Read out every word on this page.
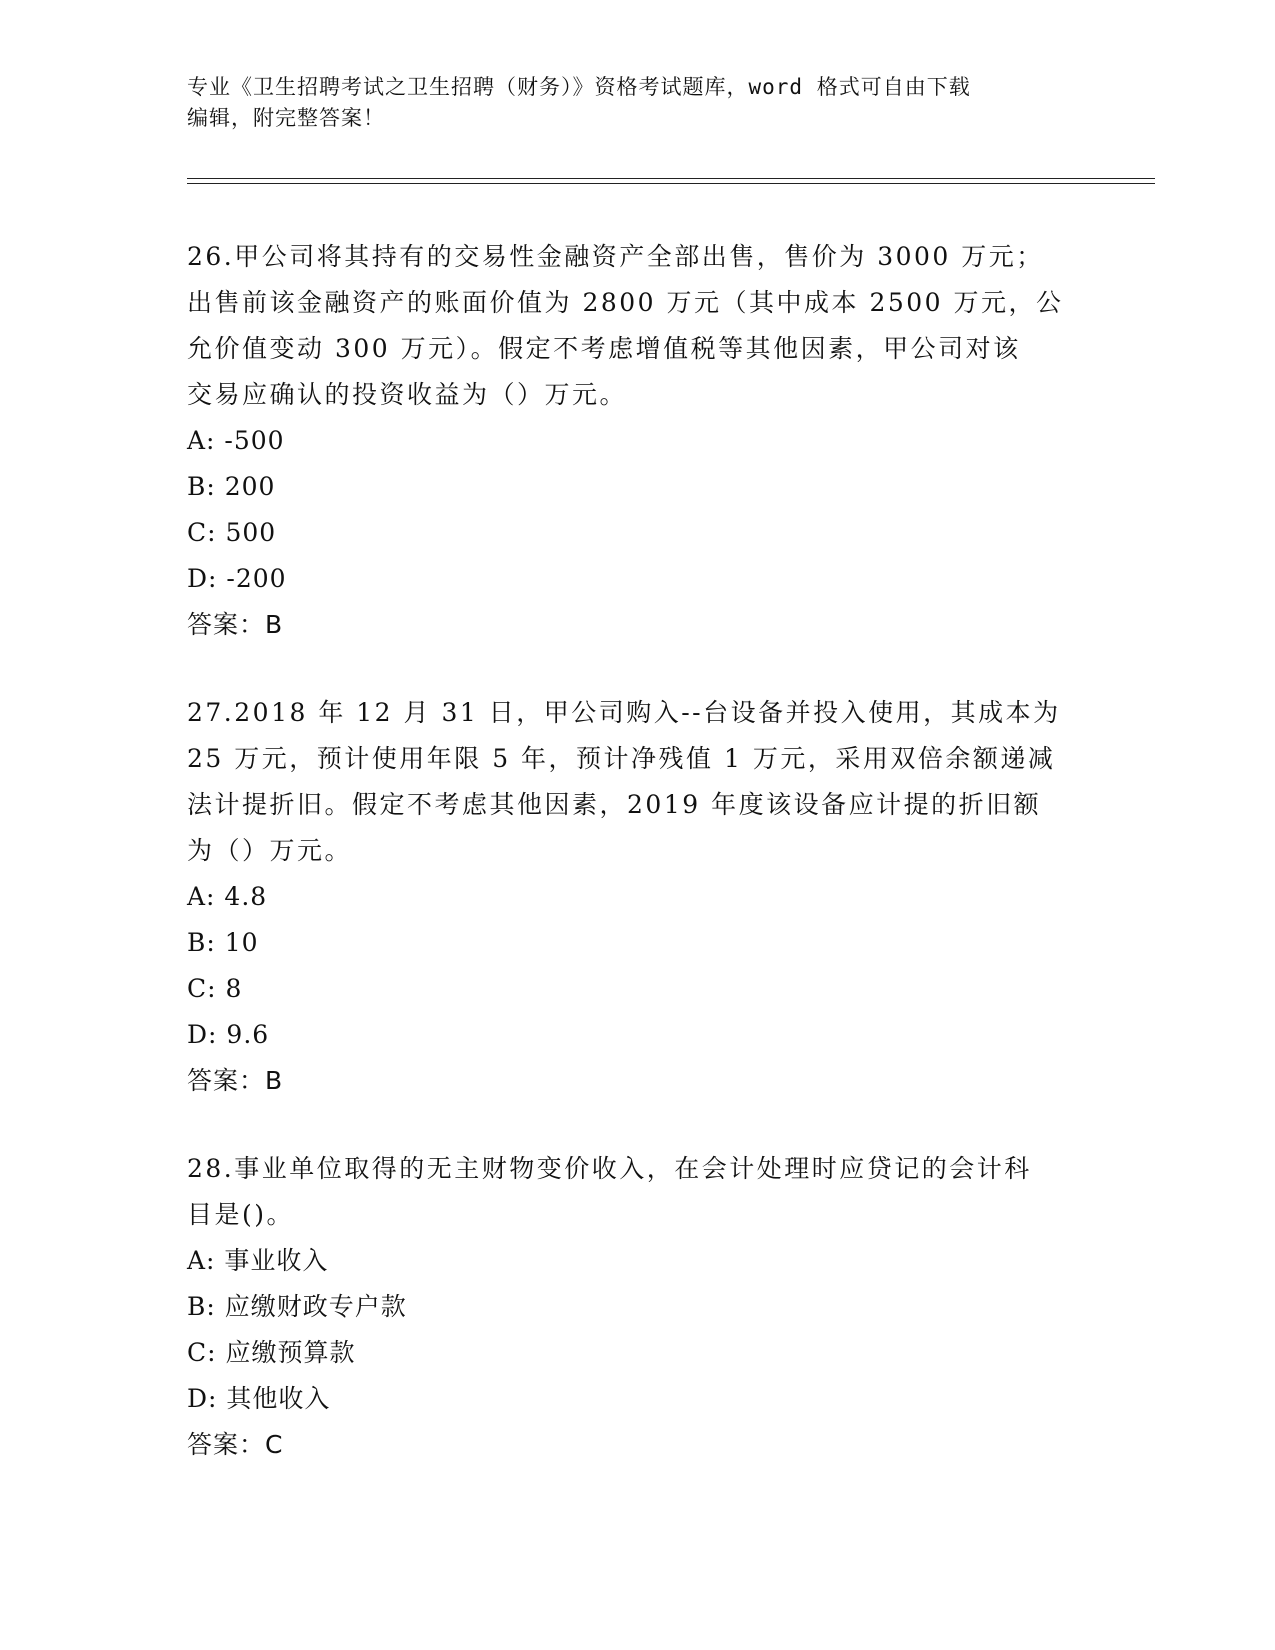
专业《卫生招聘考试之卫生招聘（财务）》资格考试题库，word 格式可自由下载
编辑，附完整答案！

26.甲公司将其持有的交易性金融资产全部出售，售价为 3000 万元；
出售前该金融资产的账面价值为 2800 万元（其中成本 2500 万元，公
允价值变动 300 万元）。假定不考虑增值税等其他因素，甲公司对该
交易应确认的投资收益为（）万元。

A: -500

B: 200

C: 500

D: -200

答案：B

27.2018 年 12 月 31 日，甲公司购入--台设备并投入使用，其成本为
25 万元，预计使用年限 5 年，预计净残值 1 万元，采用双倍余额递减
法计提折旧。假定不考虑其他因素，2019 年度该设备应计提的折旧额
为（）万元。

A: 4.8

B: 10

C: 8

D: 9.6

答案：B

28.事业单位取得的无主财物变价收入，在会计处理时应贷记的会计科
目是()。

A: 事业收入

B: 应缴财政专户款

C: 应缴预算款

D: 其他收入

答案：C
